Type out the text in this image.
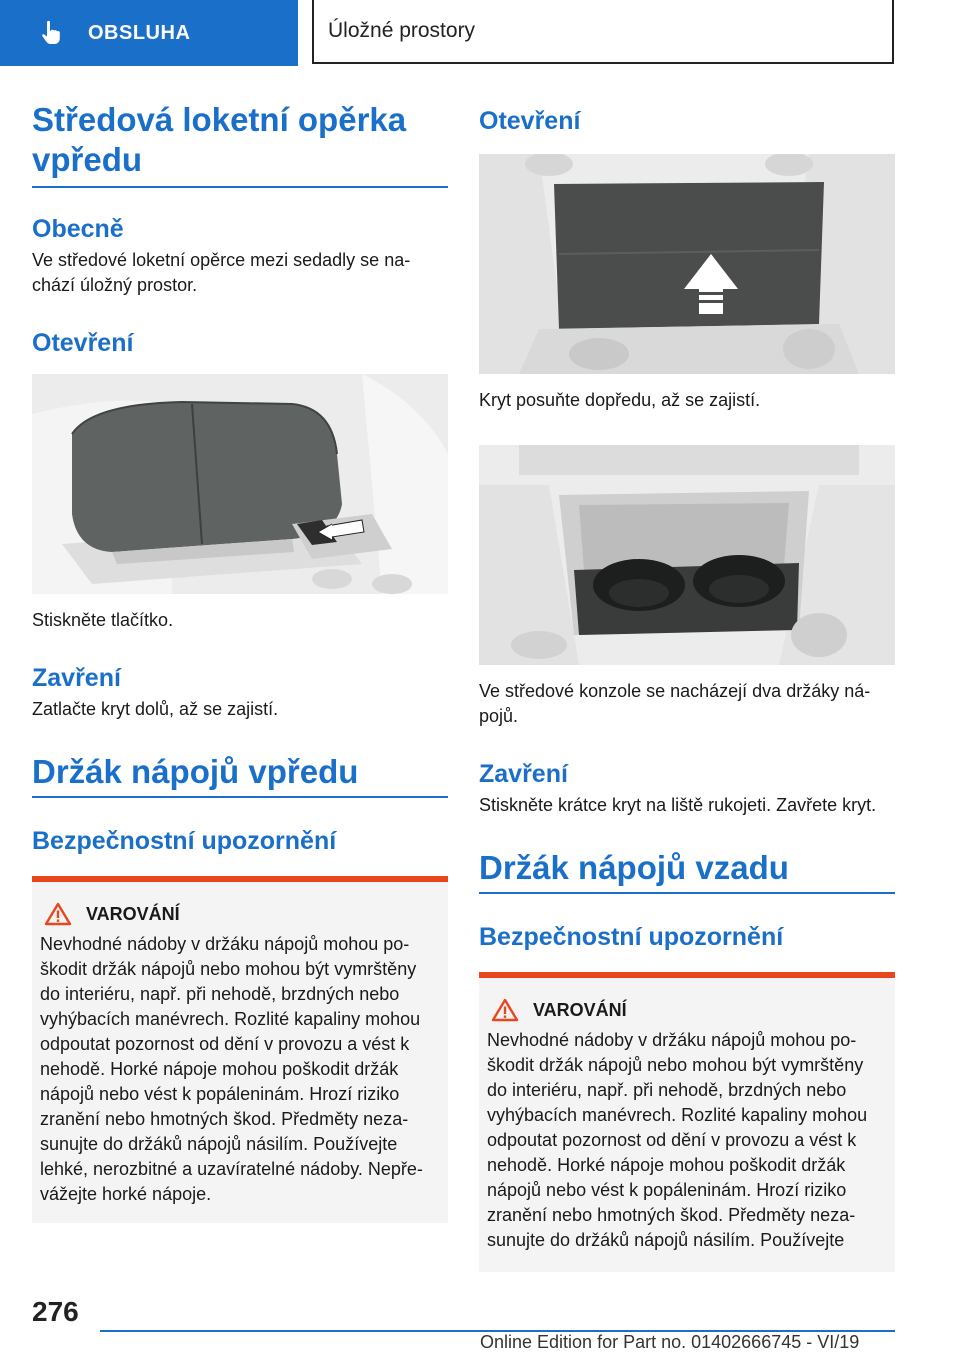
OBSLUHA	Úložné prostory
Středová loketní opěrka vpředu
Obecně

Ve středové loketní opěrce mezi sedadly se na-chází úložný prostor.

Otevření

Stiskněte tlačítko.

Zavření

Zatlačte kryt dolů, až se zajistí.

Držák nápojů vpředu
Bezpečnostní upozornění
VAROVÁNÍ

Nevhodné nádoby v držáku nápojů mohou po-škodit držák nápojů nebo mohou být vymrštěny do interiéru, např. při nehodě, brzdných nebo vyhýbacích manévrech. Rozlité kapaliny mohou odpoutat pozornost od dění v provozu a vést k nehodě. Horké nápoje mohou poškodit držák nápojů nebo vést k popáleninám. Hrozí riziko zranění nebo hmotných škod. Předměty neza-sunujte do držáků nápojů násilím. Používejte lehké, nerozbitné a uzavíratelné nádoby. Nepře-vážejte horké nápoje.

Otevření

Kryt posuňte dopředu, až se zajistí.

Ve středové konzole se nacházejí dva držáky ná-pojů.

Zavření

Stiskněte krátce kryt na liště rukojeti. Zavřete kryt.

Držák nápojů vzadu
Bezpečnostní upozornění
VAROVÁNÍ

Nevhodné nádoby v držáku nápojů mohou po-škodit držák nápojů nebo mohou být vymrštěny do interiéru, např. při nehodě, brzdných nebo vyhýbacích manévrech. Rozlité kapaliny mohou odpoutat pozornost od dění v provozu a vést k nehodě. Horké nápoje mohou poškodit držák nápojů nebo vést k popáleninám. Hrozí riziko zranění nebo hmotných škod. Předměty neza-sunujte do držáků nápojů násilím. Používejte

276
Online Edition for Part no. 01402666745 - VI/19
